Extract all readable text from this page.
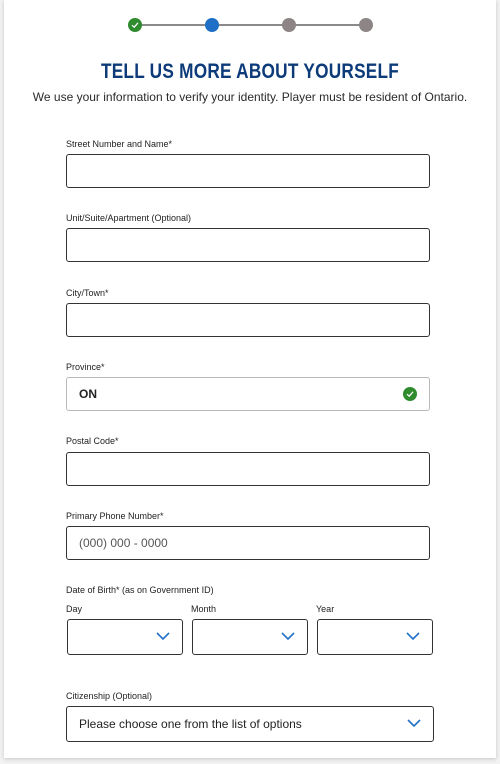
TELL US MORE ABOUT YOURSELF
We use your information to verify your identity. Player must be resident of Ontario.
Street Number and Name*
Unit/Suite/Apartment (Optional)
City/Town*
Province*
ON
Postal Code*
Primary Phone Number*
(000) 000 - 0000
Date of Birth* (as on Government ID)
Day	Month	Year
Citizenship (Optional)
Please choose one from the list of options
